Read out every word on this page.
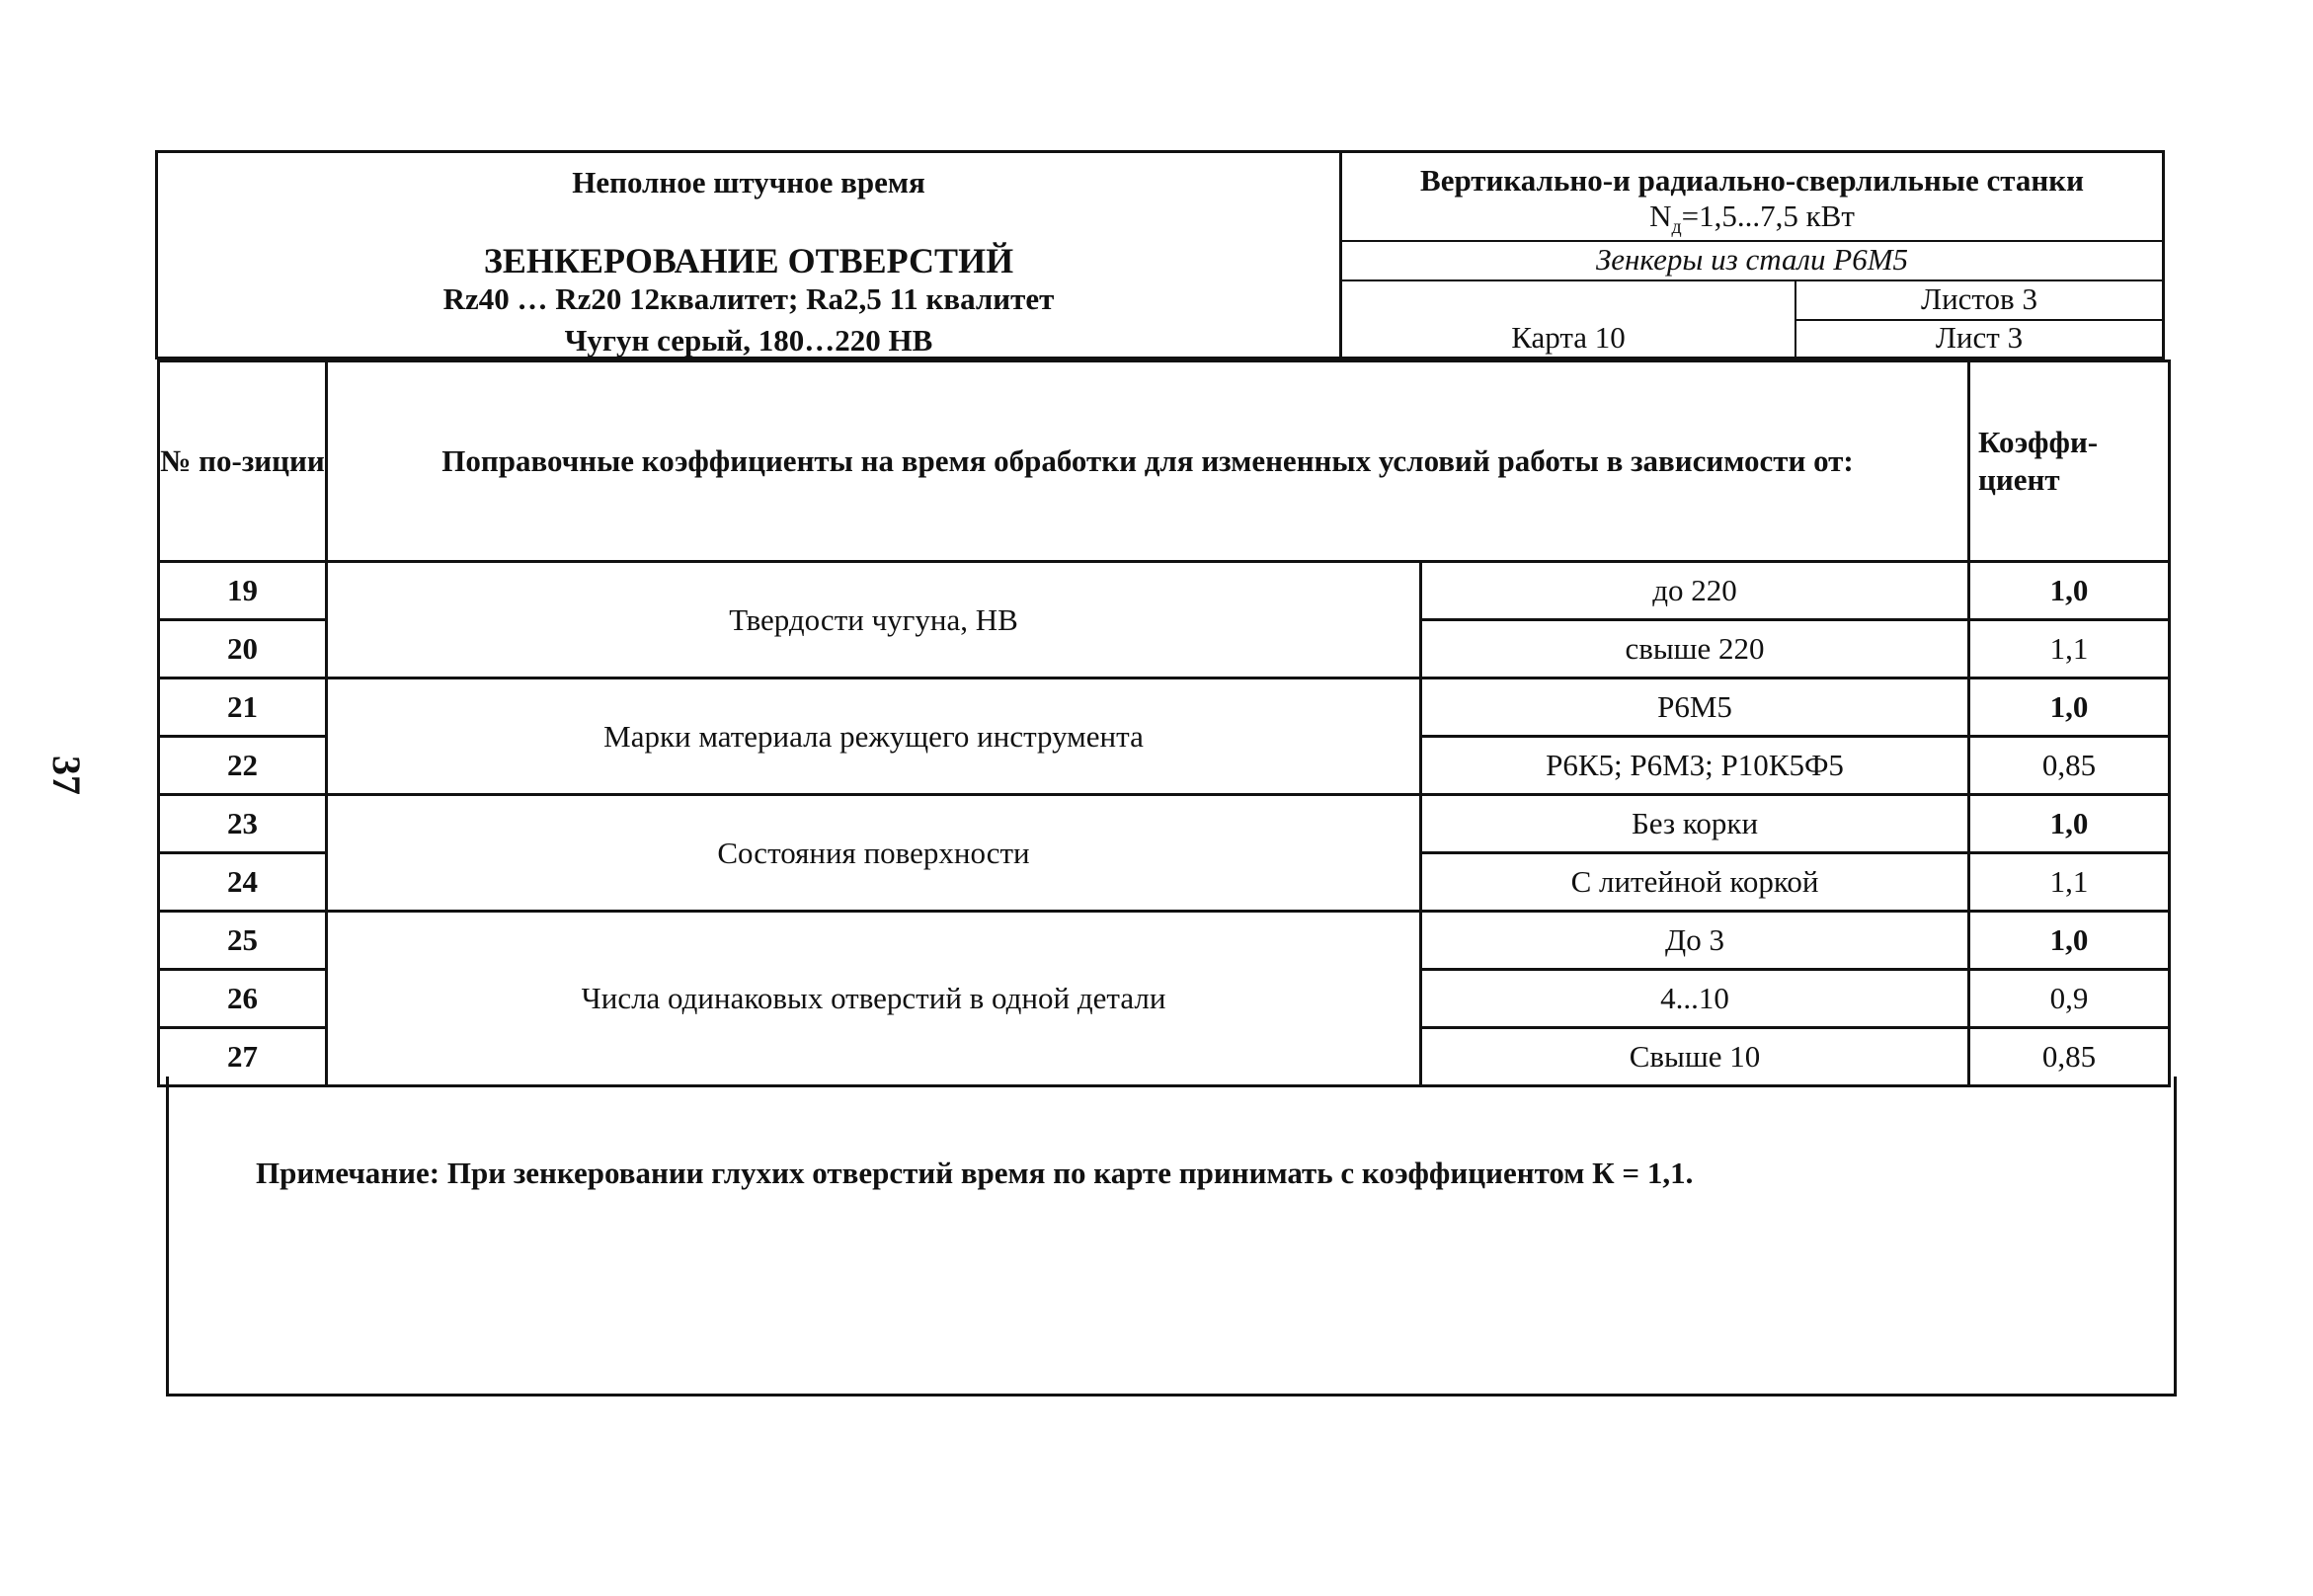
37
Неполное штучное время
ЗЕНКЕРОВАНИЕ ОТВЕРСТИЙ
Rz40 … Rz20 12квалитет; Ra2,5 11 квалитет
Чугун серый, 180…220 НВ
Вертикально-и радиально-сверлильные станки
$N_д=1,5...7,5$ кВт
Зенкеры из стали Р6М5
Карта 10
Листов 3
Лист 3
№ по-зиции	Поправочные коэффициенты на время обработки для измененных условий работы в зависимости от:		Коэффи-циент
19	Твердости чугуна, НВ	до 220	1,0
20		свыше 220	1,1
21	Марки материала режущего инструмента	Р6М5	1,0
22		Р6К5; Р6М3; Р10К5Ф5	0,85
23	Состояния поверхности	Без корки	1,0
24		С литейной коркой	1,1
25	Числа одинаковых отверстий в одной детали	До 3	1,0
26		4...10	0,9
27		Свыше 10	0,85
Примечание: При зенкеровании глухих отверстий время по карте принимать с коэффициентом К = 1,1.
